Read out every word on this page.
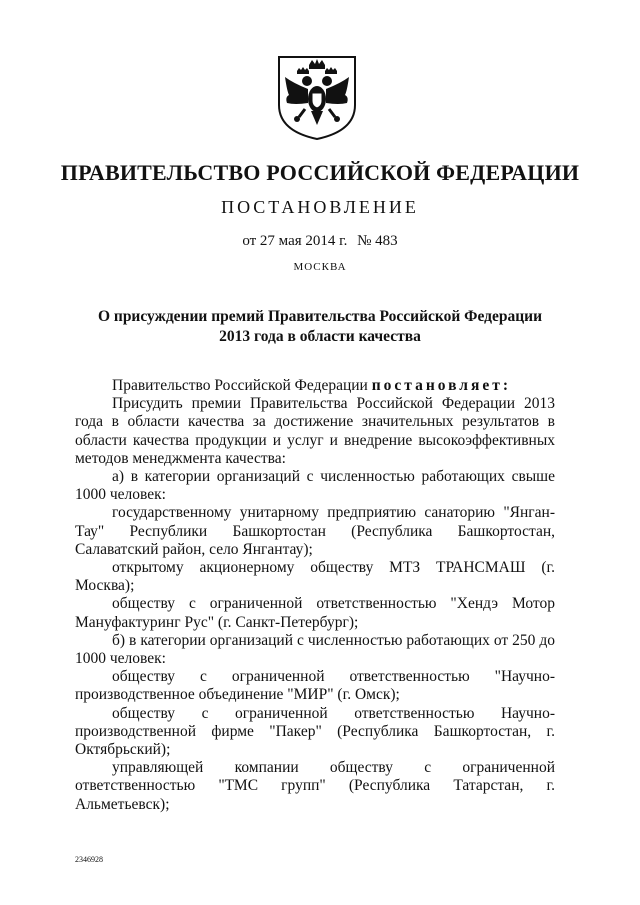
ПРАВИТЕЛЬСТВО РОССИЙСКОЙ ФЕДЕРАЦИИ
ПОСТАНОВЛЕНИЕ
от 27 мая 2014 г. № 483
МОСКВА
О присуждении премий Правительства Российской Федерации
2013 года в области качества

Правительство Российской Федерации постановляет:

Присудить премии Правительства Российской Федерации 2013 года в области качества за достижение значительных результатов в области качества продукции и услуг и внедрение высокоэффективных методов менеджмента качества:

а) в категории организаций с численностью работающих свыше 1000 человек:

государственному унитарному предприятию санаторию "Янган-Тау" Республики Башкортостан (Республика Башкортостан, Салаватский район, село Янгантау);

открытому акционерному обществу МТЗ ТРАНСМАШ (г. Москва);

обществу с ограниченной ответственностью "Хендэ Мотор Мануфактуринг Рус" (г. Санкт-Петербург);

б) в категории организаций с численностью работающих от 250 до 1000 человек:

обществу с ограниченной ответственностью "Научно-производственное объединение "МИР" (г. Омск);

обществу с ограниченной ответственностью Научно-производственной фирме "Пакер" (Республика Башкортостан, г. Октябрьский);

управляющей компании обществу с ограниченной ответственностью "ТМС групп" (Республика Татарстан, г. Альметьевск);

2346928
